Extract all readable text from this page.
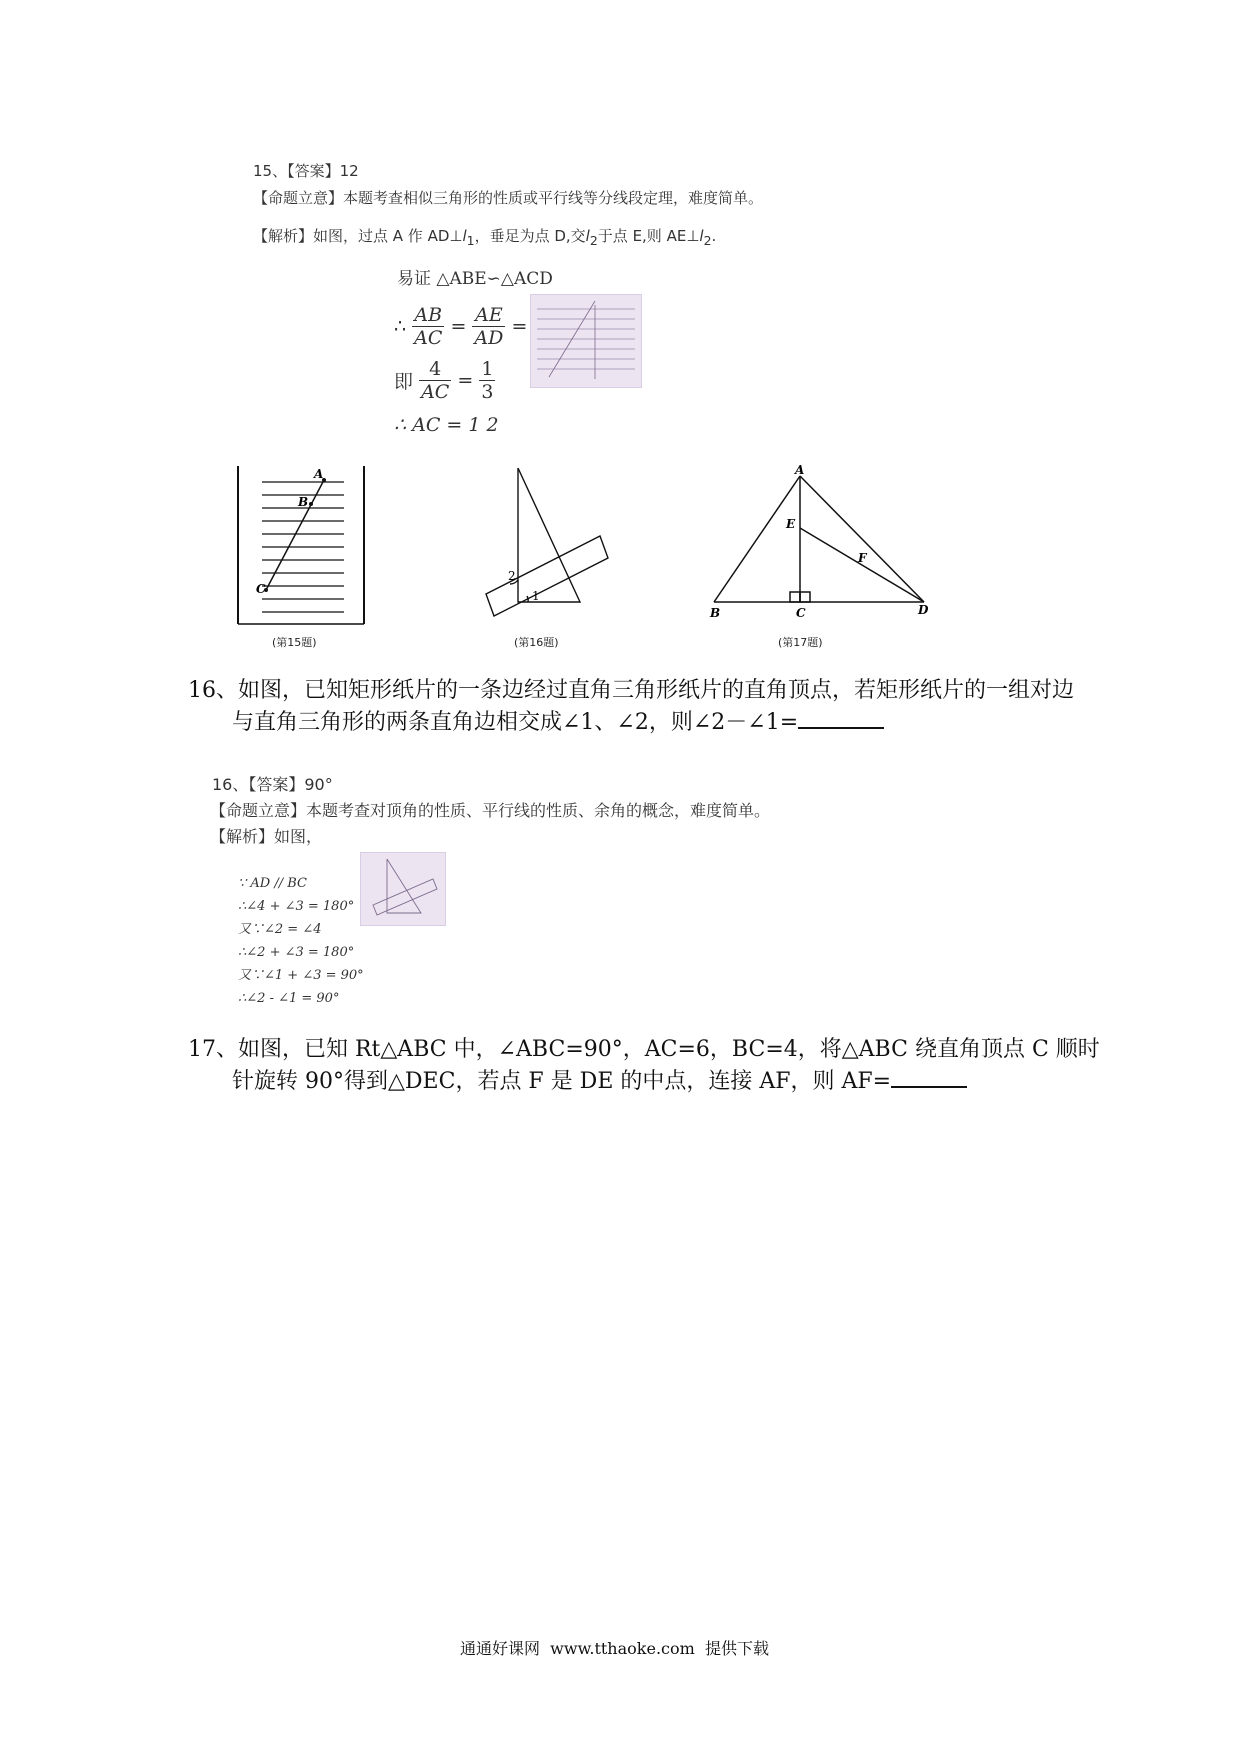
15、【答案】12
【命题立意】本题考查相似三角形的性质或平行线等分线段定理，难度简单。
【解析】如图，过点 A 作 $AD\perp l_1$，垂足为点 D,交$l_2$于点 E,则 $AE\perp l_2$.
易证 △ABE∽△ACD
∴ $\frac{AB}{AC} = \frac{AE}{AD}$ =
即 $\frac{4}{AC} = \frac{1}{3}$
∴ AC = 1 2
A
B
C
(第15题)
2
1
(第16题)
A
E
F
B	C	D
(第17题)
16、如图，已知矩形纸片的一条边经过直角三角形纸片的直角顶点，若矩形纸片的一组对边
与直角三角形的两条直角边相交成∠1、∠2，则∠2－∠1=
16、【答案】90°
【命题立意】本题考查对顶角的性质、平行线的性质、余角的概念，难度简单。
【解析】如图，
∵ AD // BC
∴∠4 + ∠3 = 180°
又∵∠2 = ∠4
∴∠2 + ∠3 = 180°
又∵∠1 + ∠3 = 90°
∴∠2 - ∠1 = 90°
17、如图，已知 Rt△ABC 中，∠ABC=90°，AC=6，BC=4，将△ABC 绕直角顶点 C 顺时
针旋转 90°得到△DEC，若点 F 是 DE 的中点，连接 AF，则 AF=
通通好课网  www.tthaoke.com  提供下载
